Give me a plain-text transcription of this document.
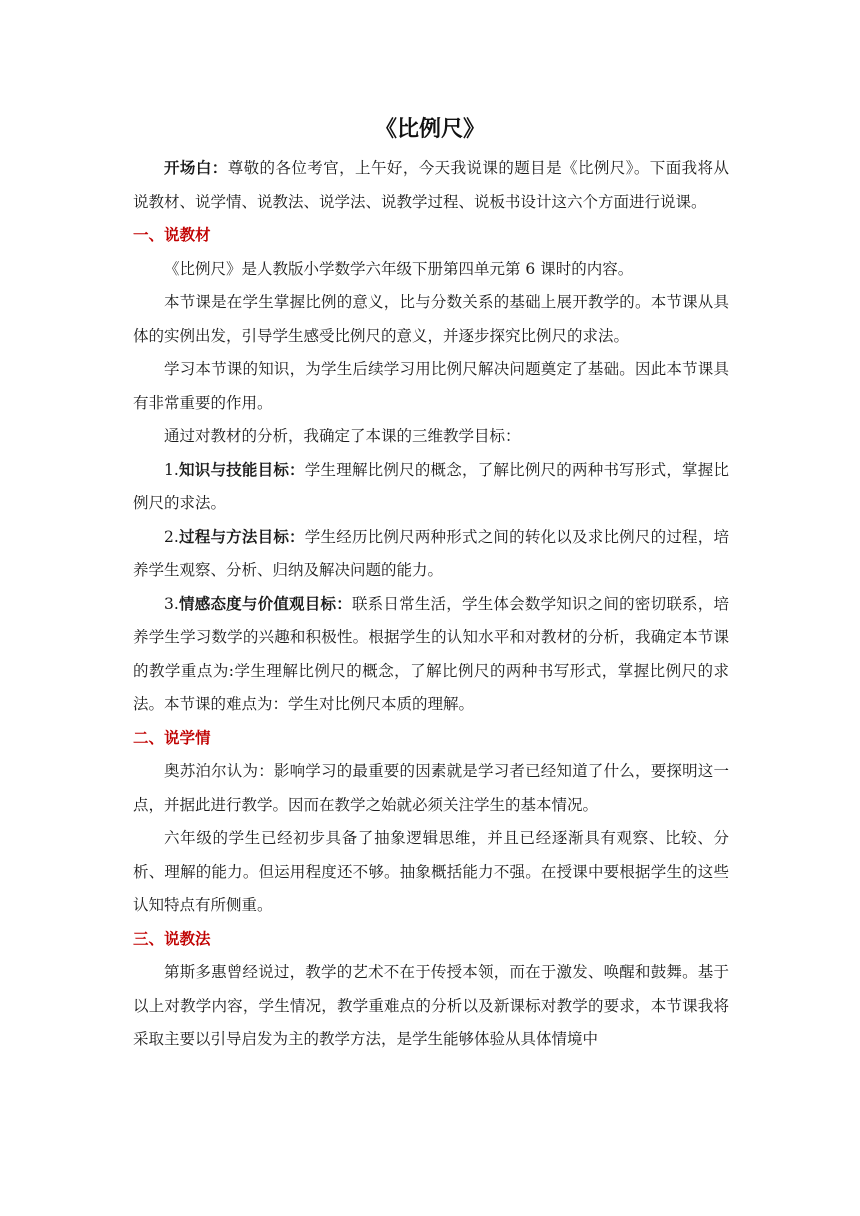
《比例尺》

开场白：尊敬的各位考官，上午好，今天我说课的题目是《比例尺》。下面我将从说教材、说学情、说教法、说学法、说教学过程、说板书设计这六个方面进行说课。

一、说教材

《比例尺》是人教版小学数学六年级下册第四单元第 6 课时的内容。

本节课是在学生掌握比例的意义，比与分数关系的基础上展开教学的。本节课从具体的实例出发，引导学生感受比例尺的意义，并逐步探究比例尺的求法。

学习本节课的知识，为学生后续学习用比例尺解决问题奠定了基础。因此本节课具有非常重要的作用。

通过对教材的分析，我确定了本课的三维教学目标：

1.知识与技能目标：学生理解比例尺的概念，了解比例尺的两种书写形式，掌握比例尺的求法。

2.过程与方法目标：学生经历比例尺两种形式之间的转化以及求比例尺的过程，培养学生观察、分析、归纳及解决问题的能力。

3.情感态度与价值观目标：联系日常生活，学生体会数学知识之间的密切联系，培养学生学习数学的兴趣和积极性。根据学生的认知水平和对教材的分析，我确定本节课的教学重点为:学生理解比例尺的概念，了解比例尺的两种书写形式，掌握比例尺的求法。本节课的难点为：学生对比例尺本质的理解。

二、说学情

奥苏泊尔认为：影响学习的最重要的因素就是学习者已经知道了什么，要探明这一点，并据此进行教学。因而在教学之始就必须关注学生的基本情况。

六年级的学生已经初步具备了抽象逻辑思维，并且已经逐渐具有观察、比较、分析、理解的能力。但运用程度还不够。抽象概括能力不强。在授课中要根据学生的这些认知特点有所侧重。

三、说教法

第斯多惠曾经说过，教学的艺术不在于传授本领，而在于激发、唤醒和鼓舞。基于以上对教学内容，学生情况，教学重难点的分析以及新课标对教学的要求，本节课我将采取主要以引导启发为主的教学方法，是学生能够体验从具体情境中
